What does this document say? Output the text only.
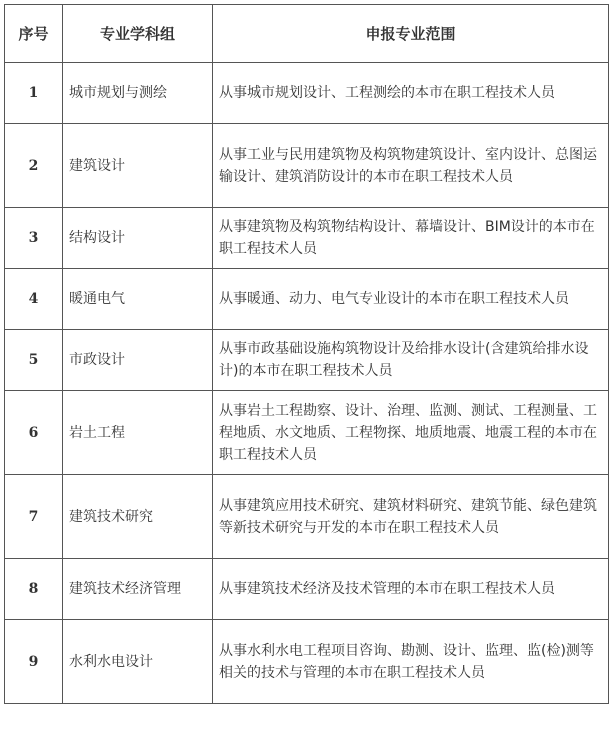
序号	专业学科组	申报专业范围
1	城市规划与测绘	从事城市规划设计、工程测绘的本市在职工程技术人员
2	建筑设计	从事工业与民用建筑物及构筑物建筑设计、室内设计、总图运输设计、建筑消防设计的本市在职工程技术人员
3	结构设计	从事建筑物及构筑物结构设计、幕墙设计、BIM设计的本市在职工程技术人员
4	暖通电气	从事暖通、动力、电气专业设计的本市在职工程技术人员
5	市政设计	从事市政基础设施构筑物设计及给排水设计(含建筑给排水设计)的本市在职工程技术人员
6	岩土工程	从事岩土工程勘察、设计、治理、监测、测试、工程测量、工程地质、水文地质、工程物探、地质地震、地震工程的本市在职工程技术人员
7	建筑技术研究	从事建筑应用技术研究、建筑材料研究、建筑节能、绿色建筑等新技术研究与开发的本市在职工程技术人员
8	建筑技术经济管理	从事建筑技术经济及技术管理的本市在职工程技术人员
9	水利水电设计	从事水利水电工程项目咨询、勘测、设计、监理、监(检)测等相关的技术与管理的本市在职工程技术人员
